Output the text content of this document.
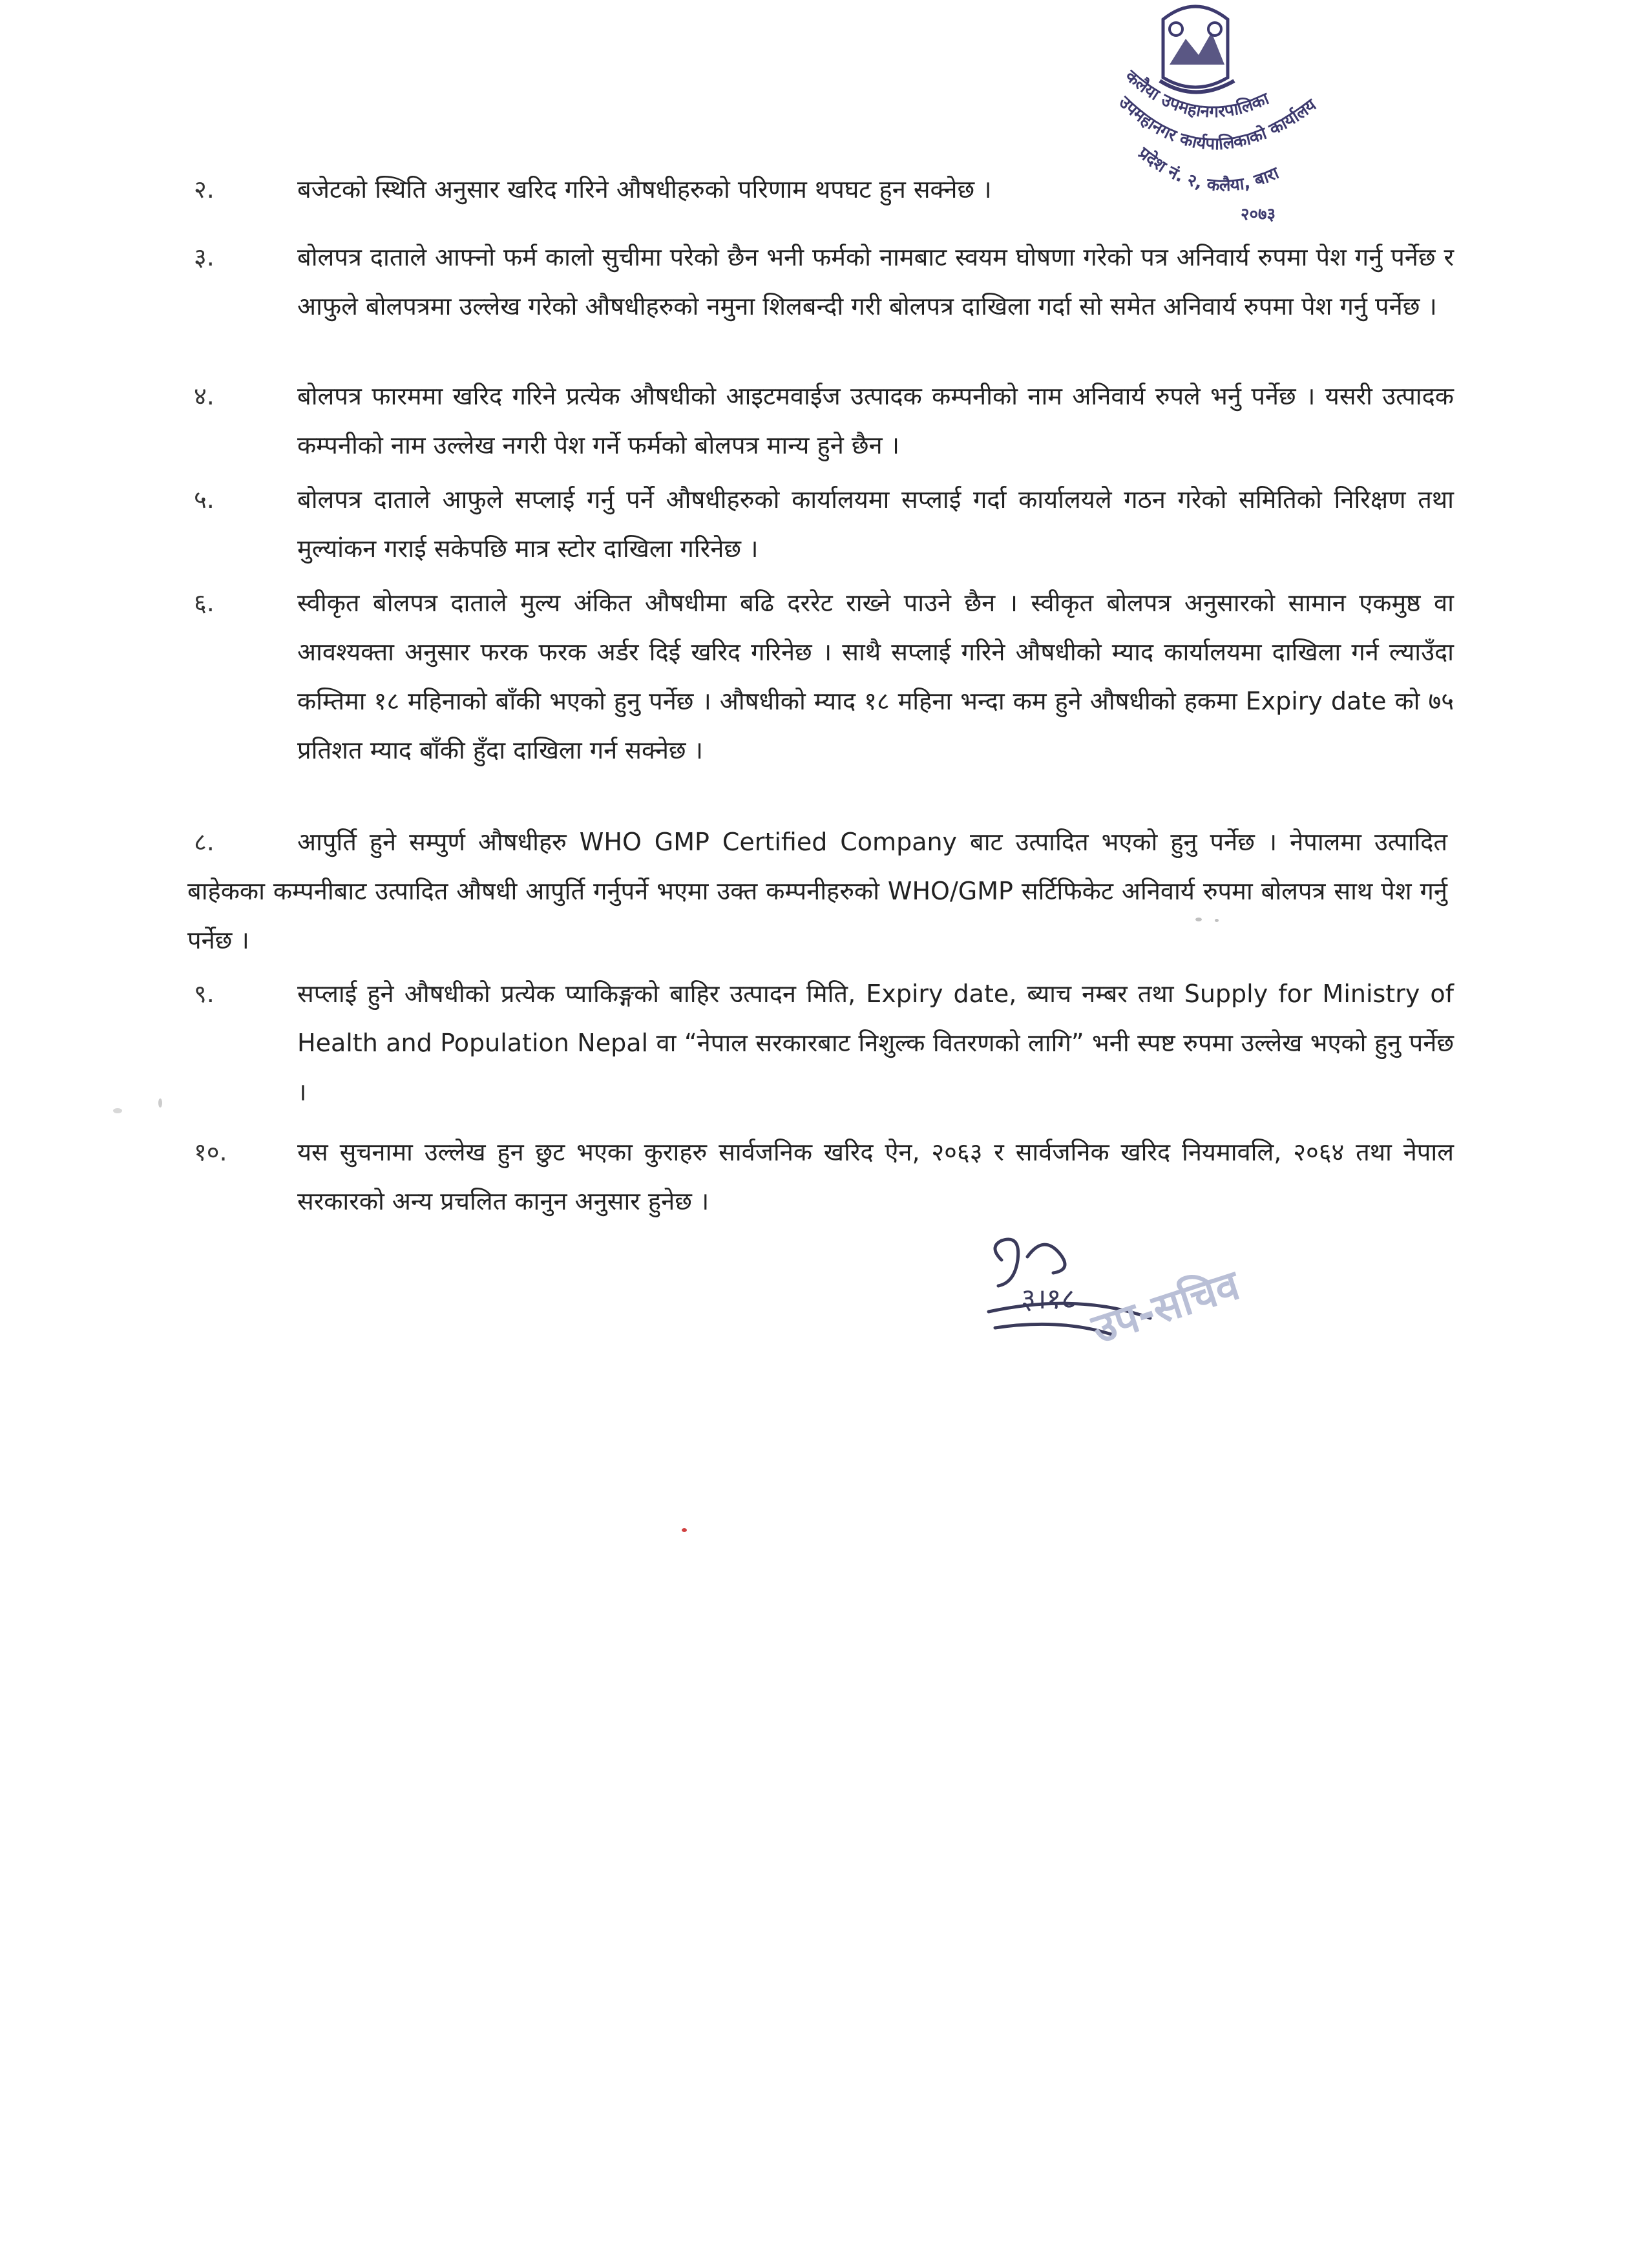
कलैया उपमहानगरपालिका
उपमहानगर कार्यपालिकाको कार्यालय
प्रदेश नं. २, कलैया, बारा
२०७३
२.	बजेटको स्थिति अनुसार खरिद गरिने औषधीहरुको परिणाम थपघट हुन सक्नेछ ।
३.	बोलपत्र दाताले आफ्नो फर्म कालो सुचीमा परेको छैन भनी फर्मको नामबाट स्वयम घोषणा गरेको पत्र अनिवार्य रुपमा पेश गर्नु पर्नेछ र आफुले बोलपत्रमा उल्लेख गरेको औषधीहरुको नमुना शिलबन्दी गरी बोलपत्र दाखिला गर्दा सो समेत अनिवार्य रुपमा पेश गर्नु पर्नेछ ।
४.	बोलपत्र फारममा खरिद गरिने प्रत्येक औषधीको आइटमवाईज उत्पादक कम्पनीको नाम अनिवार्य रुपले भर्नु पर्नेछ । यसरी उत्पादक कम्पनीको नाम उल्लेख नगरी पेश गर्ने फर्मको बोलपत्र मान्य हुने छैन ।
५.	बोलपत्र दाताले आफुले सप्लाई गर्नु पर्ने औषधीहरुको कार्यालयमा सप्लाई गर्दा कार्यालयले गठन गरेको समितिको निरिक्षण तथा मुल्यांकन गराई सकेपछि मात्र स्टोर दाखिला गरिनेछ ।
६.	स्वीकृत बोलपत्र दाताले मुल्य अंकित औषधीमा बढि दररेट राख्ने पाउने छैन । स्वीकृत बोलपत्र अनुसारको सामान एकमुष्ठ वा आवश्यक्ता अनुसार फरक फरक अर्डर दिई खरिद गरिनेछ । साथै सप्लाई गरिने औषधीको म्याद कार्यालयमा दाखिला गर्न ल्याउँदा कम्तिमा १८ महिनाको बाँकी भएको हुनु पर्नेछ । औषधीको म्याद १८ महिना भन्दा कम हुने औषधीको हकमा Expiry date को ७५ प्रतिशत म्याद बाँकी हुँदा दाखिला गर्न सक्नेछ ।
८.	आपुर्ति हुने सम्पुर्ण औषधीहरु WHO GMP Certified Company बाट उत्पादित भएको हुनु पर्नेछ । नेपालमा उत्पादित बाहेकका कम्पनीबाट उत्पादित औषधी आपुर्ति गर्नुपर्ने भएमा उक्त कम्पनीहरुको WHO/GMP सर्टिफिकेट अनिवार्य रुपमा बोलपत्र साथ पेश गर्नु पर्नेछ ।
९.	सप्लाई हुने औषधीको प्रत्येक प्याकिङ्गको बाहिर उत्पादन मिति, Expiry date, ब्याच नम्बर तथा Supply for Ministry of Health and Population Nepal वा “नेपाल सरकारबाट निशुल्क वितरणको लागि” भनी स्पष्ट रुपमा उल्लेख भएको हुनु पर्नेछ ।
१०.	यस सुचनामा उल्लेख हुन छुट भएका कुराहरु सार्वजनिक खरिद ऐन, २०६३ र सार्वजनिक खरिद नियमावलि, २०६४ तथा नेपाल सरकारको अन्य प्रचलित कानुन अनुसार हुनेछ ।
३।१८ उप-सचिव
